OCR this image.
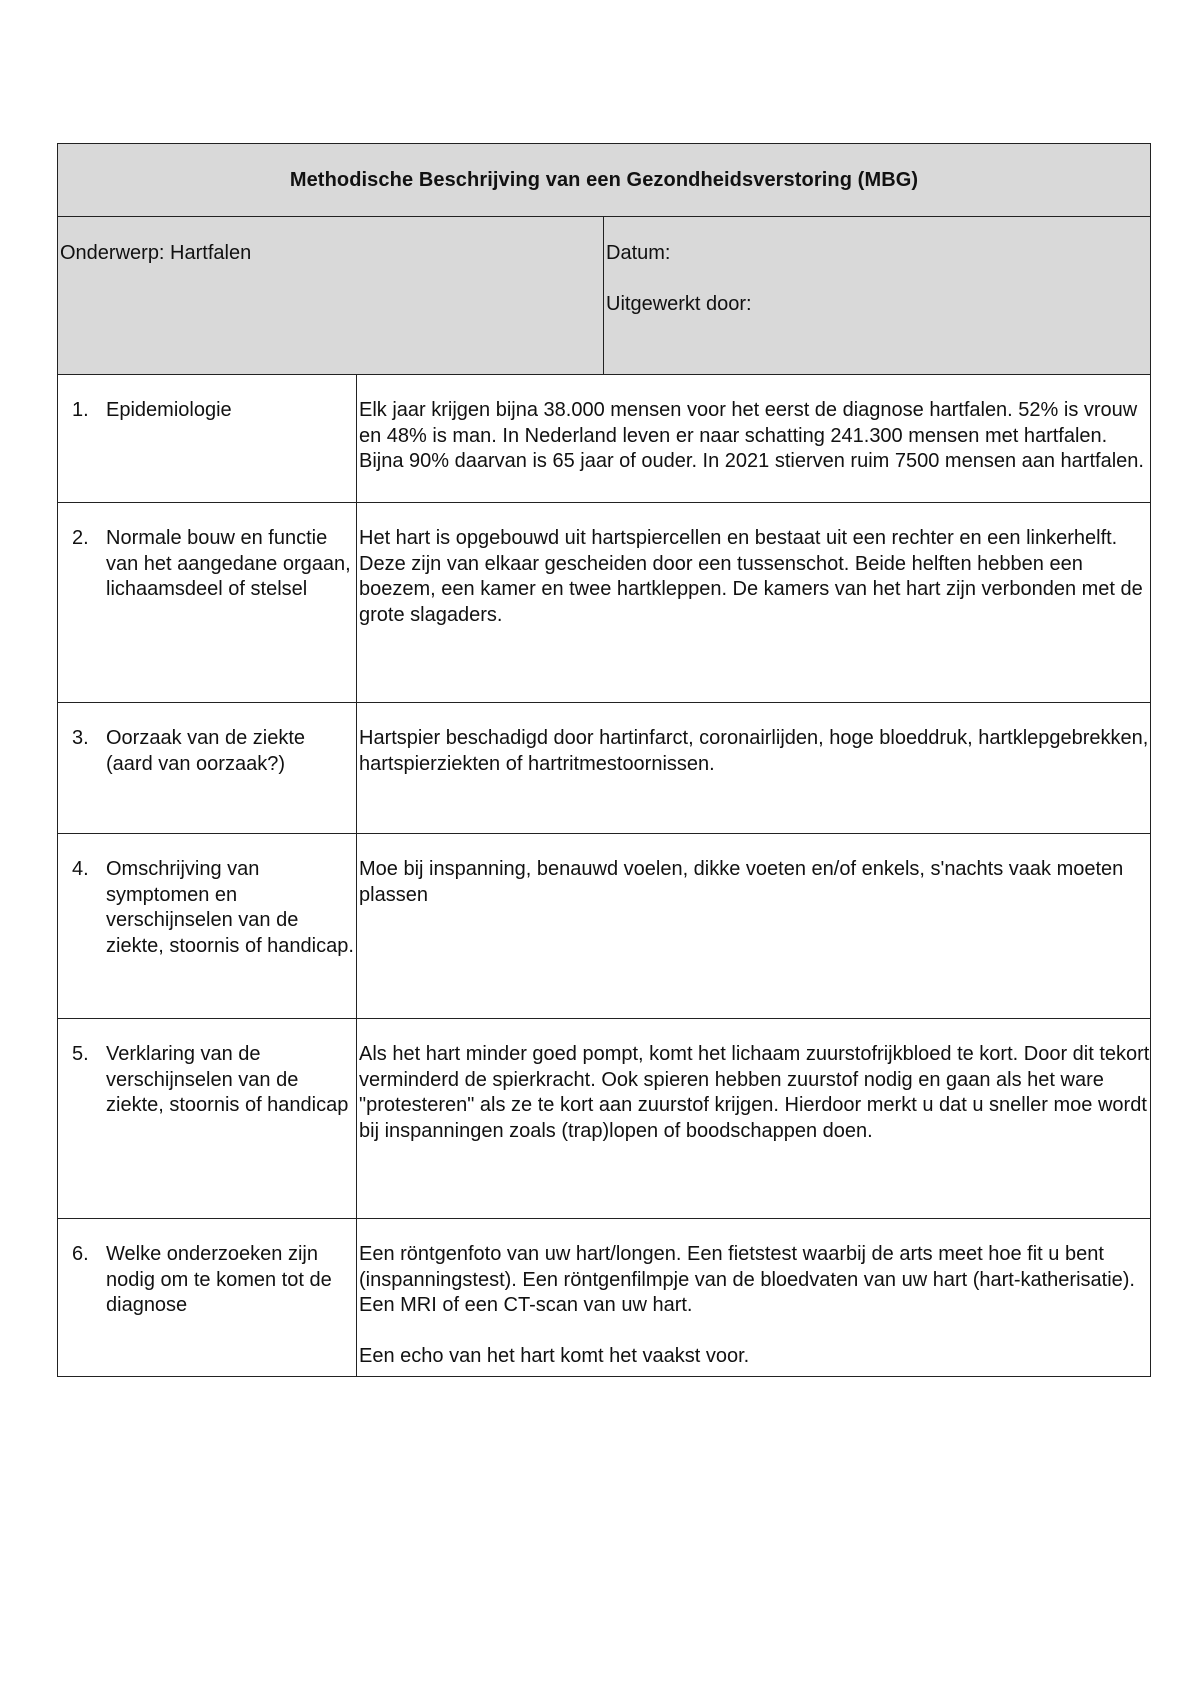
Methodische Beschrijving van een Gezondheidsverstoring (MBG)
Onderwerp: Hartfalen	Datum:

Uitgewerkt door:

1. Epidemiologie	Elk jaar krijgen bijna 38.000 mensen voor het eerst de diagnose hartfalen. 52% is vrouw en 48% is man. In Nederland leven er naar schatting 241.300 mensen met hartfalen. Bijna 90% daarvan is 65 jaar of ouder. In 2021 stierven ruim 7500 mensen aan hartfalen.

2. Normale bouw en functie van het aangedane orgaan, lichaamsdeel of stelsel

Het hart is opgebouwd uit hartspiercellen en bestaat uit een rechter en een linkerhelft. Deze zijn van elkaar gescheiden door een tussenschot. Beide helften hebben een boezem, een kamer en twee hartkleppen. De kamers van het hart zijn verbonden met de grote slagaders.

3. Oorzaak van de ziekte (aard van oorzaak?)

Hartspier beschadigd door hartinfarct, coronairlijden, hoge bloeddruk, hartklepgebrekken, hartspierziekten of hartritmestoornissen.

4. Omschrijving van symptomen en verschijnselen van de ziekte, stoornis of handicap.

Moe bij inspanning, benauwd voelen, dikke voeten en/of enkels, s'nachts vaak moeten plassen

5. Verklaring van de verschijnselen van de ziekte, stoornis of handicap

Als het hart minder goed pompt, komt het lichaam zuurstofrijkbloed te kort. Door dit tekort verminderd de spierkracht. Ook spieren hebben zuurstof nodig en gaan als het ware "protesteren" als ze te kort aan zuurstof krijgen. Hierdoor merkt u dat u sneller moe wordt bij inspanningen zoals (trap)lopen of boodschappen doen.

6. Welke onderzoeken zijn nodig om te komen tot de diagnose

Een röntgenfoto van uw hart/longen. Een fietstest waarbij de arts meet hoe fit u bent (inspanningstest). Een röntgenfilmpje van de bloedvaten van uw hart (hart-katherisatie). Een MRI of een CT-scan van uw hart.

Een echo van het hart komt het vaakst voor.
